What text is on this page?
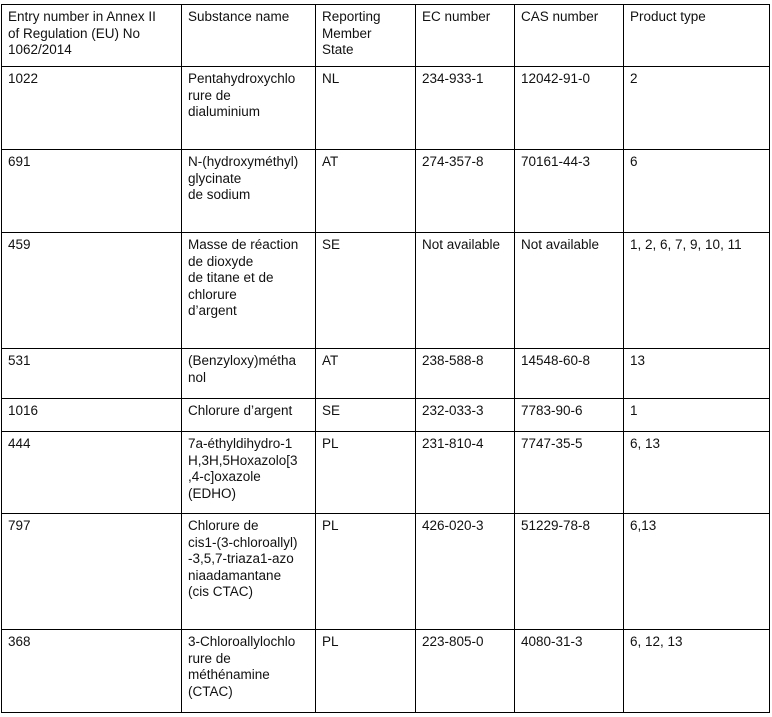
Entry number in Annex II
of Regulation (EU) No
1062/2014	Substance name	Reporting
Member
State	EC number	CAS number	Product type
1022	Pentahydroxychlo
rure de
dialuminium	NL	234-933-1	12042-91-0	2
691	N-(hydroxyméthyl)
glycinate
de sodium	AT	274-357-8	70161-44-3	6
459	Masse de réaction
de dioxyde
de titane et de
chlorure
d’argent	SE	Not available	Not available	1, 2, 6, 7, 9, 10, 11
531	(Benzyloxy)métha
nol	AT	238-588-8	14548-60-8	13
1016	Chlorure d’argent	SE	232-033-3	7783-90-6	1
444	7a-éthyldihydro-1
H,3H,5Hoxazolo[3
,4-c]oxazole
(EDHO)	PL	231-810-4	7747-35-5	6, 13
797	Chlorure de
cis1-(3-chloroallyl)
-3,5,7-triaza1-azo
niaadamantane
(cis CTAC)	PL	426-020-3	51229-78-8	6,13
368	3-Chloroallylochlo
rure de
méthénamine
(CTAC)	PL	223-805-0	4080-31-3	6, 12, 13
